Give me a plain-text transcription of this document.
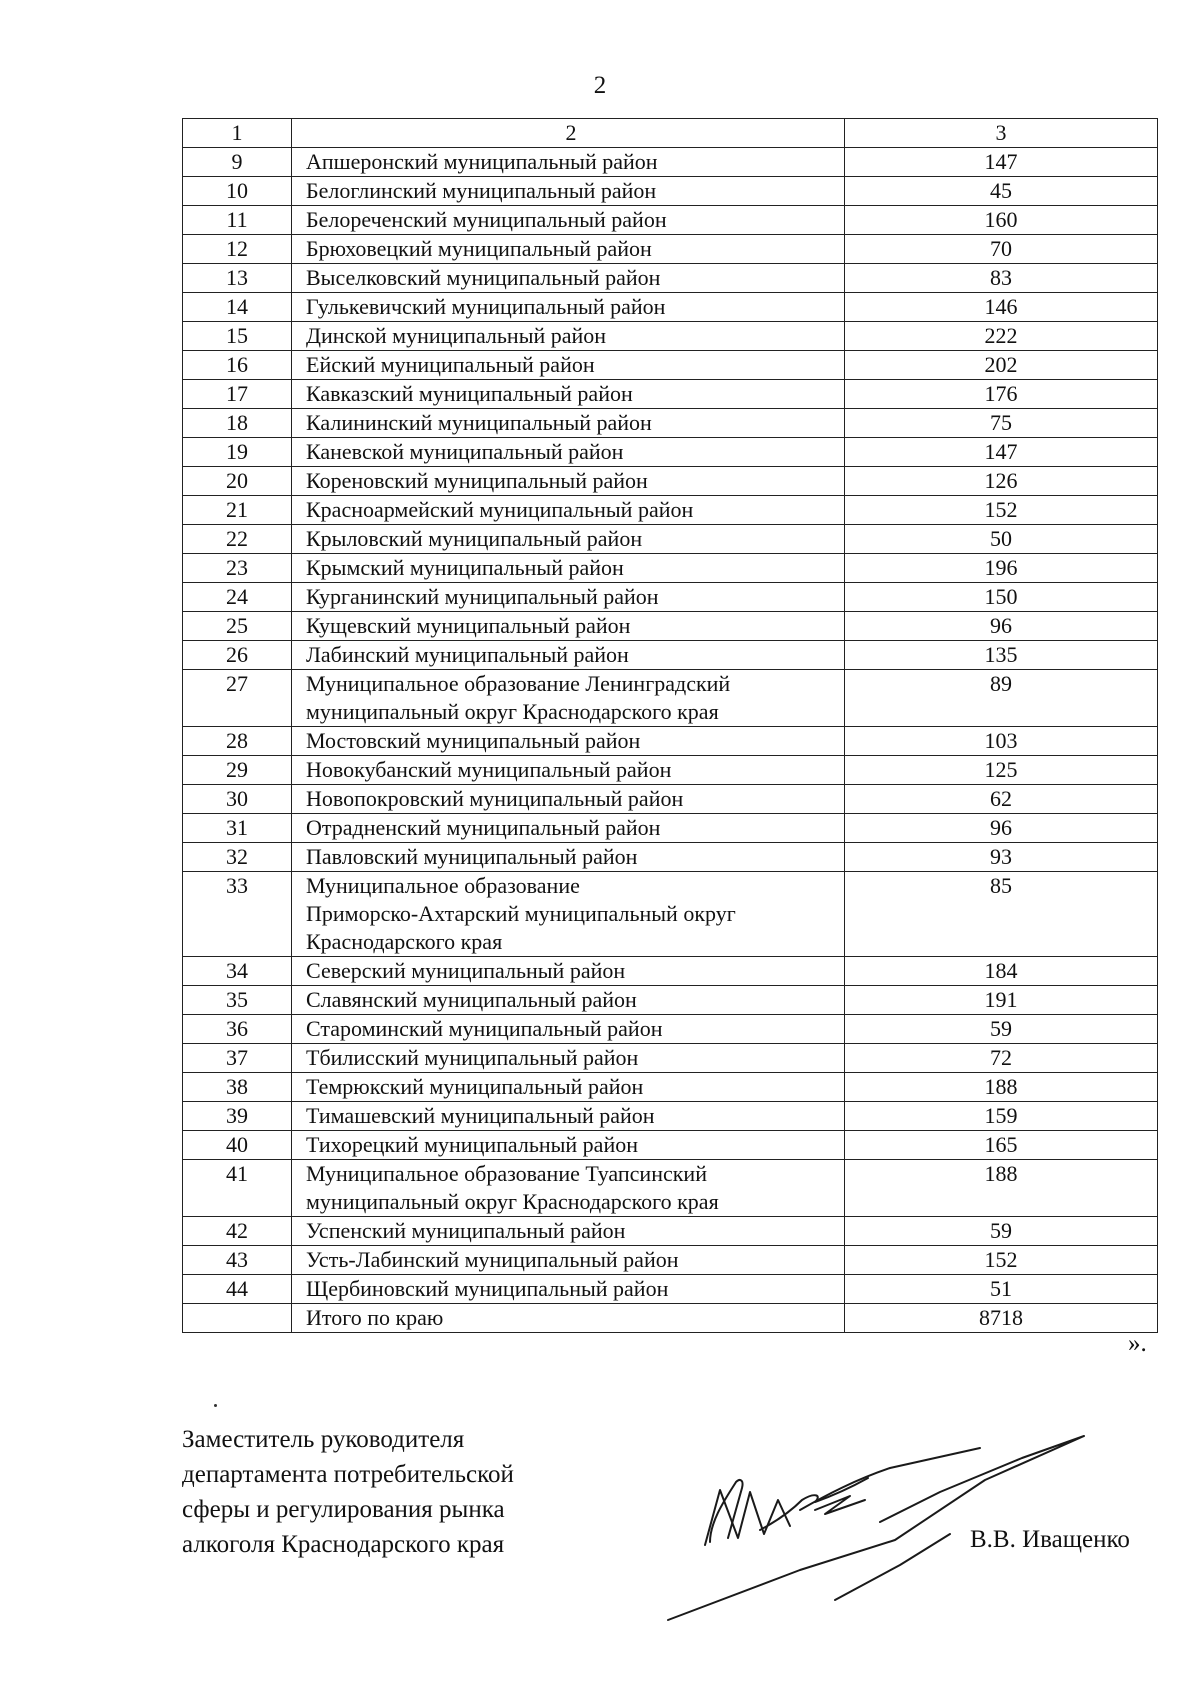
2
1	2	3
9	Апшеронский муниципальный район	147
10	Белоглинский муниципальный район	45
11	Белореченский муниципальный район	160
12	Брюховецкий муниципальный район	70
13	Выселковский муниципальный район	83
14	Гулькевичский муниципальный район	146
15	Динской муниципальный район	222
16	Ейский муниципальный район	202
17	Кавказский муниципальный район	176
18	Калининский муниципальный район	75
19	Каневской муниципальный район	147
20	Кореновский муниципальный район	126
21	Красноармейский муниципальный район	152
22	Крыловский муниципальный район	50
23	Крымский муниципальный район	196
24	Курганинский муниципальный район	150
25	Кущевский муниципальный район	96
26	Лабинский муниципальный район	135
27	Муниципальное образование Ленинградский
муниципальный округ Краснодарского края	89
28	Мостовский муниципальный район	103
29	Новокубанский муниципальный район	125
30	Новопокровский муниципальный район	62
31	Отрадненский муниципальный район	96
32	Павловский муниципальный район	93
33	Муниципальное образование
Приморско-Ахтарский муниципальный округ
Краснодарского края	85
34	Северский муниципальный район	184
35	Славянский муниципальный район	191
36	Староминский муниципальный район	59
37	Тбилисский муниципальный район	72
38	Темрюкский муниципальный район	188
39	Тимашевский муниципальный район	159
40	Тихорецкий муниципальный район	165
41	Муниципальное образование Туапсинский
муниципальный округ Краснодарского края	188
42	Успенский муниципальный район	59
43	Усть-Лабинский муниципальный район	152
44	Щербиновский муниципальный район	51
	Итого по краю	8718
».
Заместитель руководителя
департамента потребительской
сферы и регулирования рынка
алкоголя Краснодарского края	В.В. Иващенко
